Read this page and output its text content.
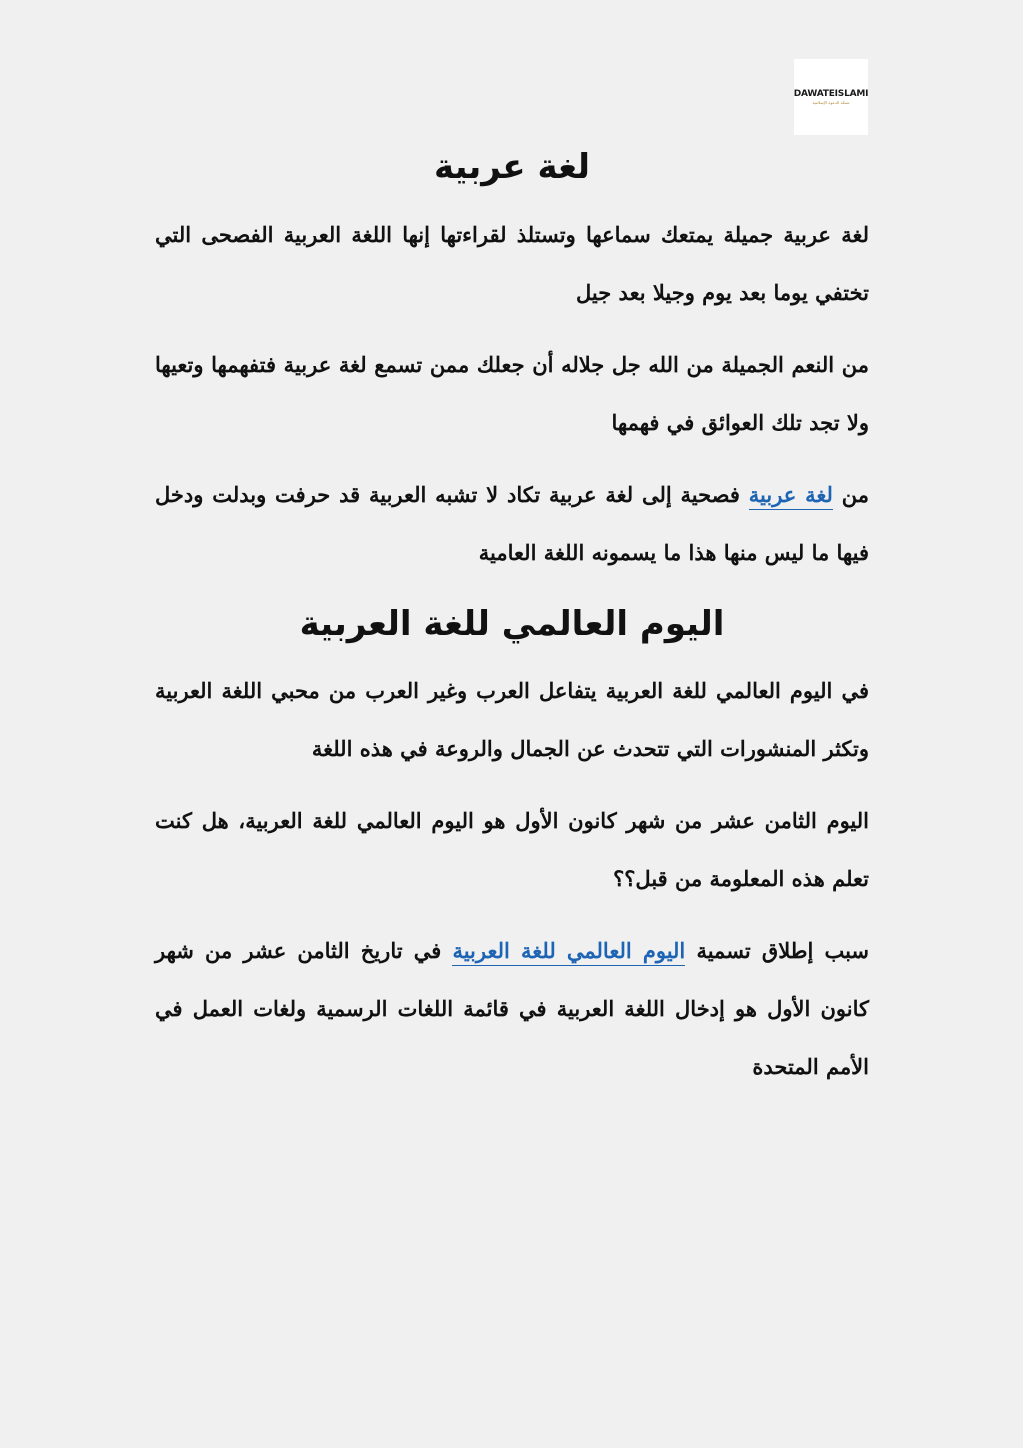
DAWATEISLAMI
شبكة الدعوة الإسلامية
لغة عربية

لغة عربية جميلة يمتعك سماعها وتستلذ لقراءتها إنها اللغة العربية الفصحى التي تختفي يوما بعد يوم وجيلا بعد جيل

من النعم الجميلة من الله جل جلاله أن جعلك ممن تسمع لغة عربية فتفهمها وتعيها ولا تجد تلك العوائق في فهمها

من لغة عربية فصحية إلى لغة عربية تكاد لا تشبه العربية قد حرفت وبدلت ودخل فيها ما ليس منها هذا ما يسمونه اللغة العامية

اليوم العالمي للغة العربية

في اليوم العالمي للغة العربية يتفاعل العرب وغير العرب من محبي اللغة العربية وتكثر المنشورات التي تتحدث عن الجمال والروعة في هذه اللغة

اليوم الثامن عشر من شهر كانون الأول هو اليوم العالمي للغة العربية، هل كنت تعلم هذه المعلومة من قبل؟؟

سبب إطلاق تسمية اليوم العالمي للغة العربية في تاريخ الثامن عشر من شهر كانون الأول هو إدخال اللغة العربية في قائمة اللغات الرسمية ولغات العمل في الأمم المتحدة
